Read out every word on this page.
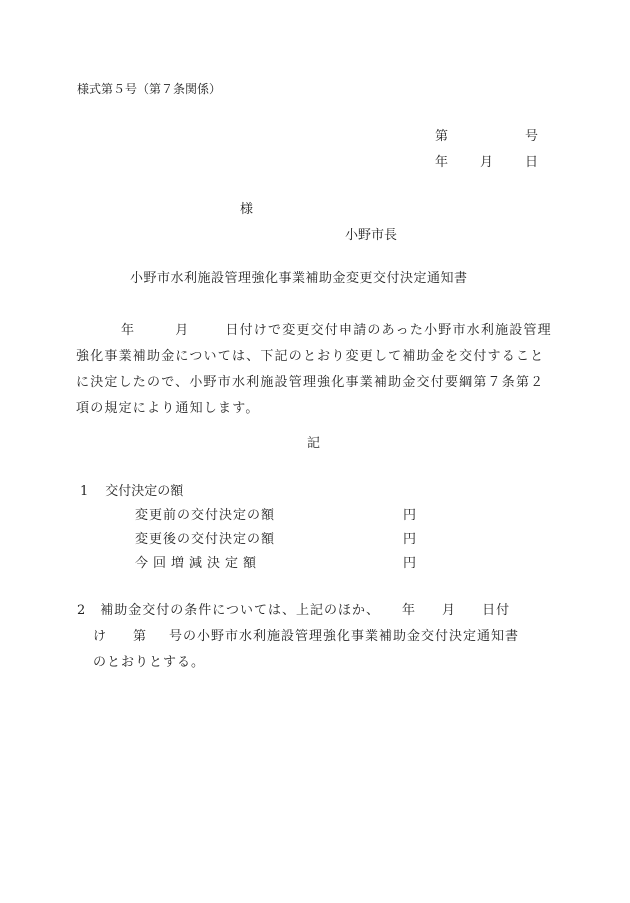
様式第５号（第７条関係）
第	号
年 月 日
様
小野市長
小野市水利施設管理強化事業補助金変更交付決定通知書
年	月	日付けで変更交付申請のあった小野市水利施設管理強化事業補助金については、下記のとおり変更して補助金を交付することに決定したので、小野市水利施設管理強化事業補助金交付要綱第７条第２項の規定により通知します。
記
1 交付決定の額
変更前の交付決定の額	円
変更後の交付決定の額	円
今回増減決定額	円
2 補助金交付の条件については、上記のほか、 年 月 日付
け 第 号の小野市水利施設管理強化事業補助金交付決定通知書
のとおりとする。
